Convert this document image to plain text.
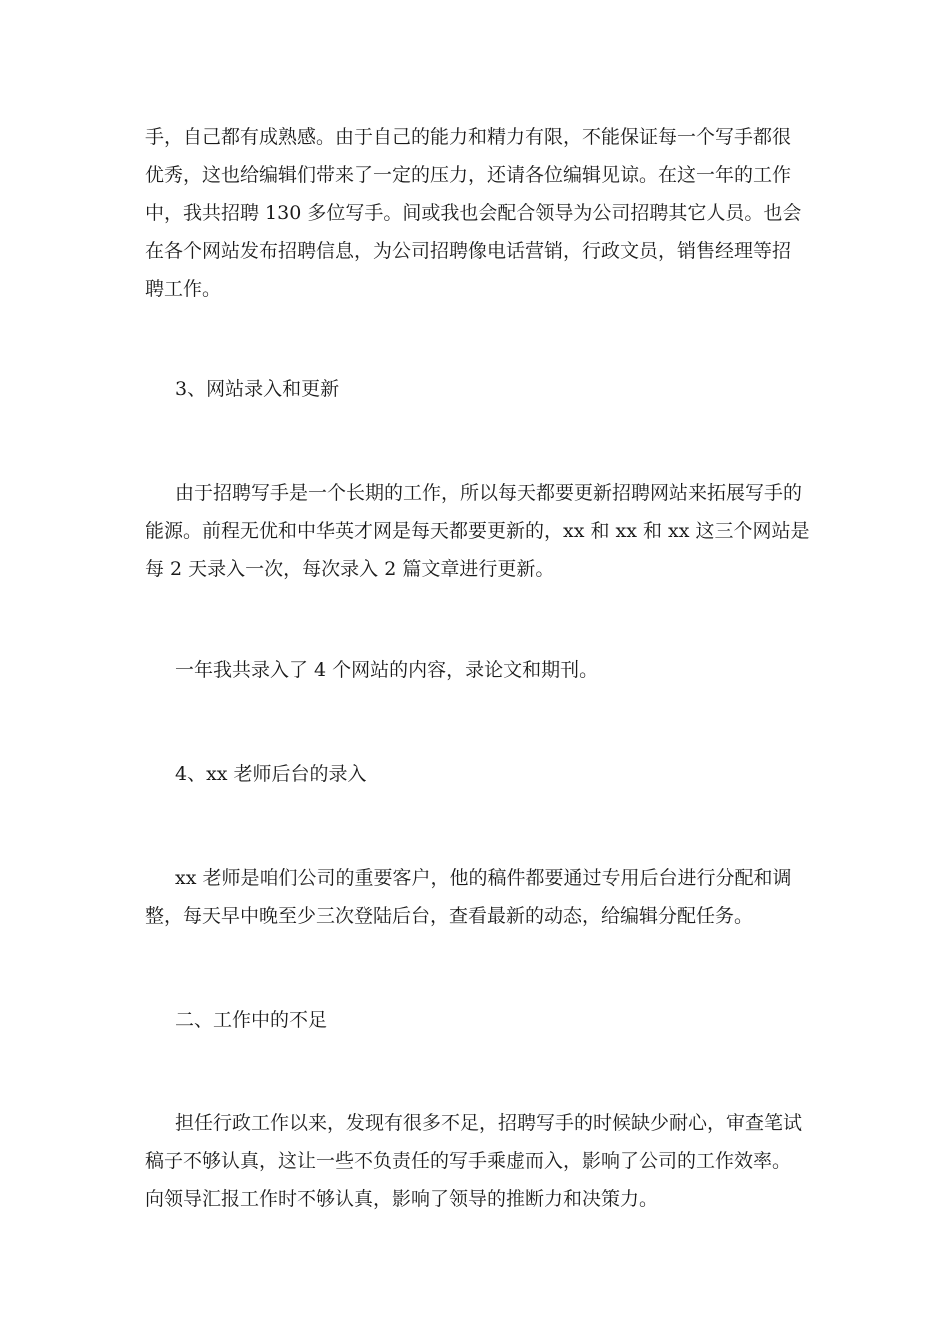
手，自己都有成熟感。由于自己的能力和精力有限，不能保证每一个写手都很
优秀，这也给编辑们带来了一定的压力，还请各位编辑见谅。在这一年的工作
中，我共招聘 130 多位写手。间或我也会配合领导为公司招聘其它人员。也会
在各个网站发布招聘信息，为公司招聘像电话营销，行政文员，销售经理等招
聘工作。
3、网站录入和更新
由于招聘写手是一个长期的工作，所以每天都要更新招聘网站来拓展写手的
能源。前程无优和中华英才网是每天都要更新的，xx 和 xx 和 xx 这三个网站是
每 2 天录入一次，每次录入 2 篇文章进行更新。
一年我共录入了 4 个网站的内容，录论文和期刊。
4、xx 老师后台的录入
xx 老师是咱们公司的重要客户，他的稿件都要通过专用后台进行分配和调
整，每天早中晚至少三次登陆后台，查看最新的动态，给编辑分配任务。
二、工作中的不足
担任行政工作以来，发现有很多不足，招聘写手的时候缺少耐心，审查笔试
稿子不够认真，这让一些不负责任的写手乘虚而入，影响了公司的工作效率。
向领导汇报工作时不够认真，影响了领导的推断力和决策力。
